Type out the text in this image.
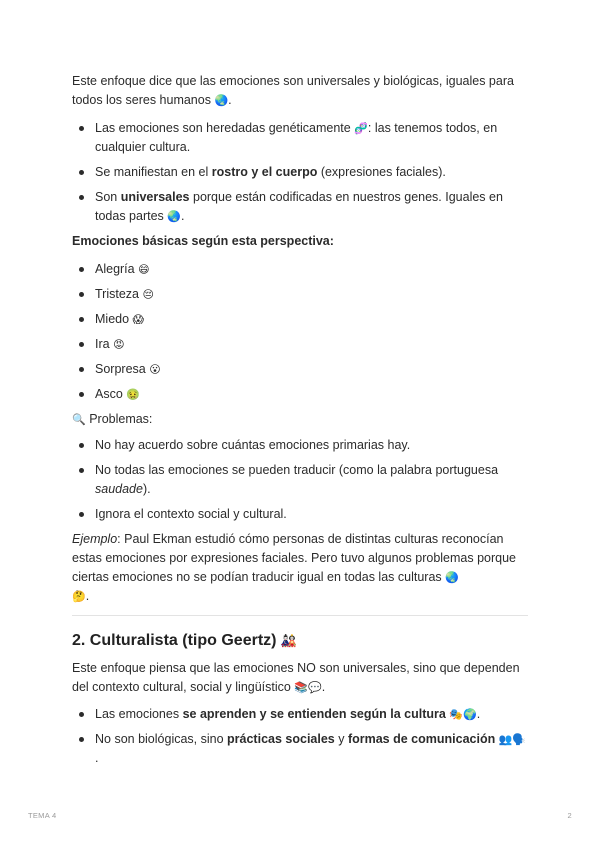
Este enfoque dice que las emociones son universales y biológicas, iguales para todos los seres humanos 🌏.

Las emociones son heredadas genéticamente 🧬: las tenemos todos, en cualquier cultura.
Se manifiestan en el rostro y el cuerpo (expresiones faciales).
Son universales porque están codificadas en nuestros genes. Iguales en todas partes 🌏.

Emociones básicas según esta perspectiva:

Alegría 😄
Tristeza 😔
Miedo 😱
Ira 😡
Sorpresa 😮
Asco 🤢

🔍 Problemas:

No hay acuerdo sobre cuántas emociones primarias hay.
No todas las emociones se pueden traducir (como la palabra portuguesa saudade).
Ignora el contexto social y cultural.

Ejemplo: Paul Ekman estudió cómo personas de distintas culturas reconocían estas emociones por expresiones faciales. Pero tuvo algunos problemas porque ciertas emociones no se podían traducir igual en todas las culturas 🌏
🤔.

2. Culturalista (tipo Geertz) 🎎

Este enfoque piensa que las emociones NO son universales, sino que dependen del contexto cultural, social y lingüístico 📚💬.

Las emociones se aprenden y se entienden según la cultura 🎭🌍.
No son biológicas, sino prácticas sociales y formas de comunicación 👥🗣️.
TEMA 4	2
